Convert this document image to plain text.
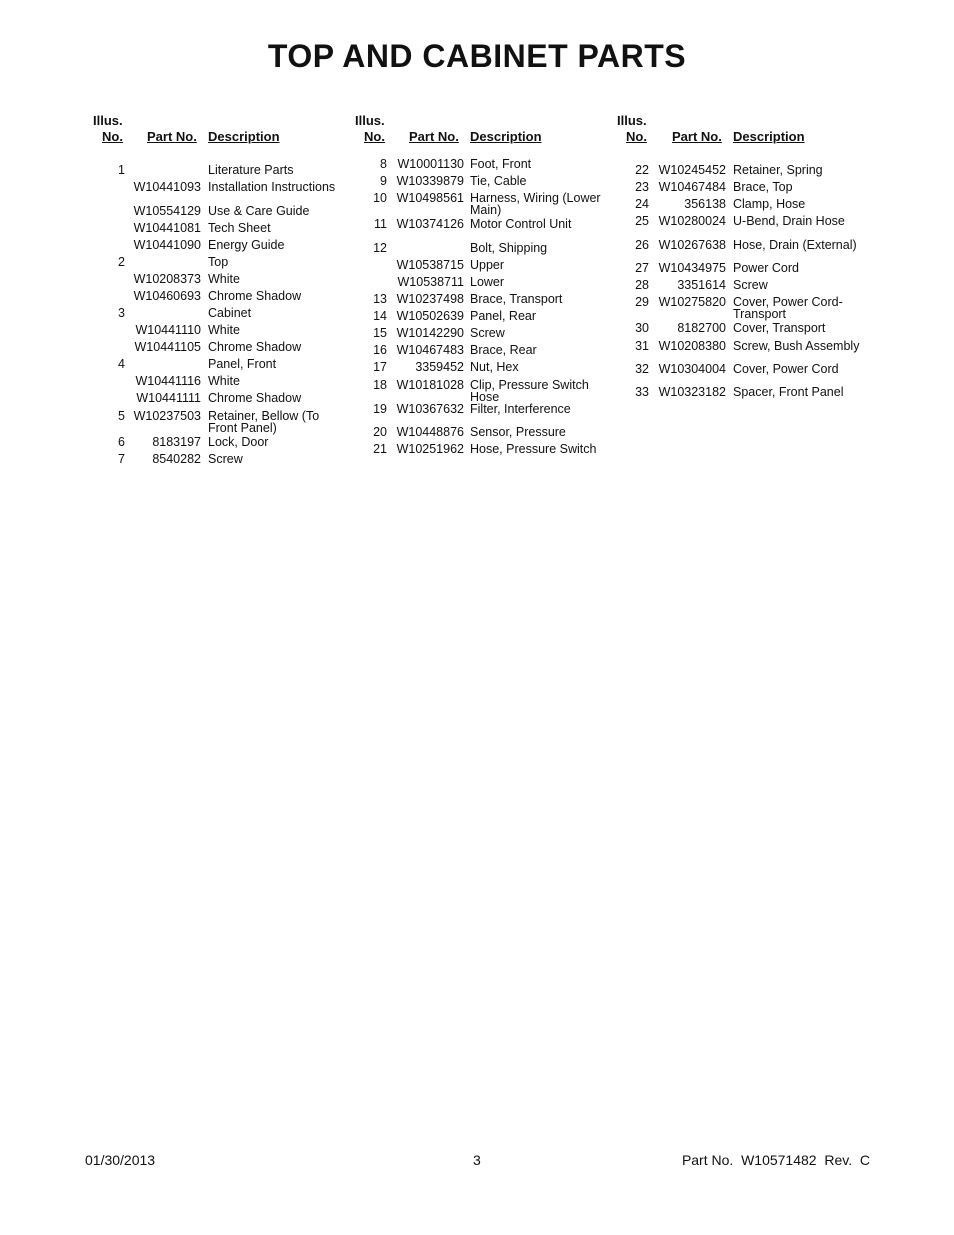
TOP AND CABINET PARTS
Illus.
No. Part No. Description
1	Literature Parts
W10441093 Installation Instructions
W10554129 Use & Care Guide
W10441081 Tech Sheet
W10441090 Energy Guide
2	Top
W10208373 White
W10460693 Chrome Shadow
3	Cabinet
W10441110 White
W10441105 Chrome Shadow
4	Panel, Front
W10441116 White
W10441111 Chrome Shadow
5 W10237503 Retainer, Bellow (To Front Panel)
6	8183197 Lock, Door
7	8540282 Screw
Illus.
No. Part No. Description
8 W10001130 Foot, Front
9 W10339879 Tie, Cable
10 W10498561 Harness, Wiring (Lower Main)
11 W10374126 Motor Control Unit
12	Bolt, Shipping
W10538715 Upper
W10538711 Lower
13 W10237498 Brace, Transport
14 W10502639 Panel, Rear
15 W10142290 Screw
16 W10467483 Brace, Rear
17	3359452 Nut, Hex
18 W10181028 Clip, Pressure Switch Hose
19 W10367632 Filter, Interference
20 W10448876 Sensor, Pressure
21 W10251962 Hose, Pressure Switch
Illus.
No. Part No. Description
22 W10245452 Retainer, Spring
23 W10467484 Brace, Top
24	356138 Clamp, Hose
25 W10280024 U-Bend, Drain Hose
26 W10267638 Hose, Drain (External)
27 W10434975 Power Cord
28	3351614 Screw
29 W10275820 Cover, Power Cord-Transport
30	8182700 Cover, Transport
31 W10208380 Screw, Bush Assembly
32 W10304004 Cover, Power Cord
33 W10323182 Spacer, Front Panel
01/30/2013	3	Part No.  W10571482  Rev.  C
